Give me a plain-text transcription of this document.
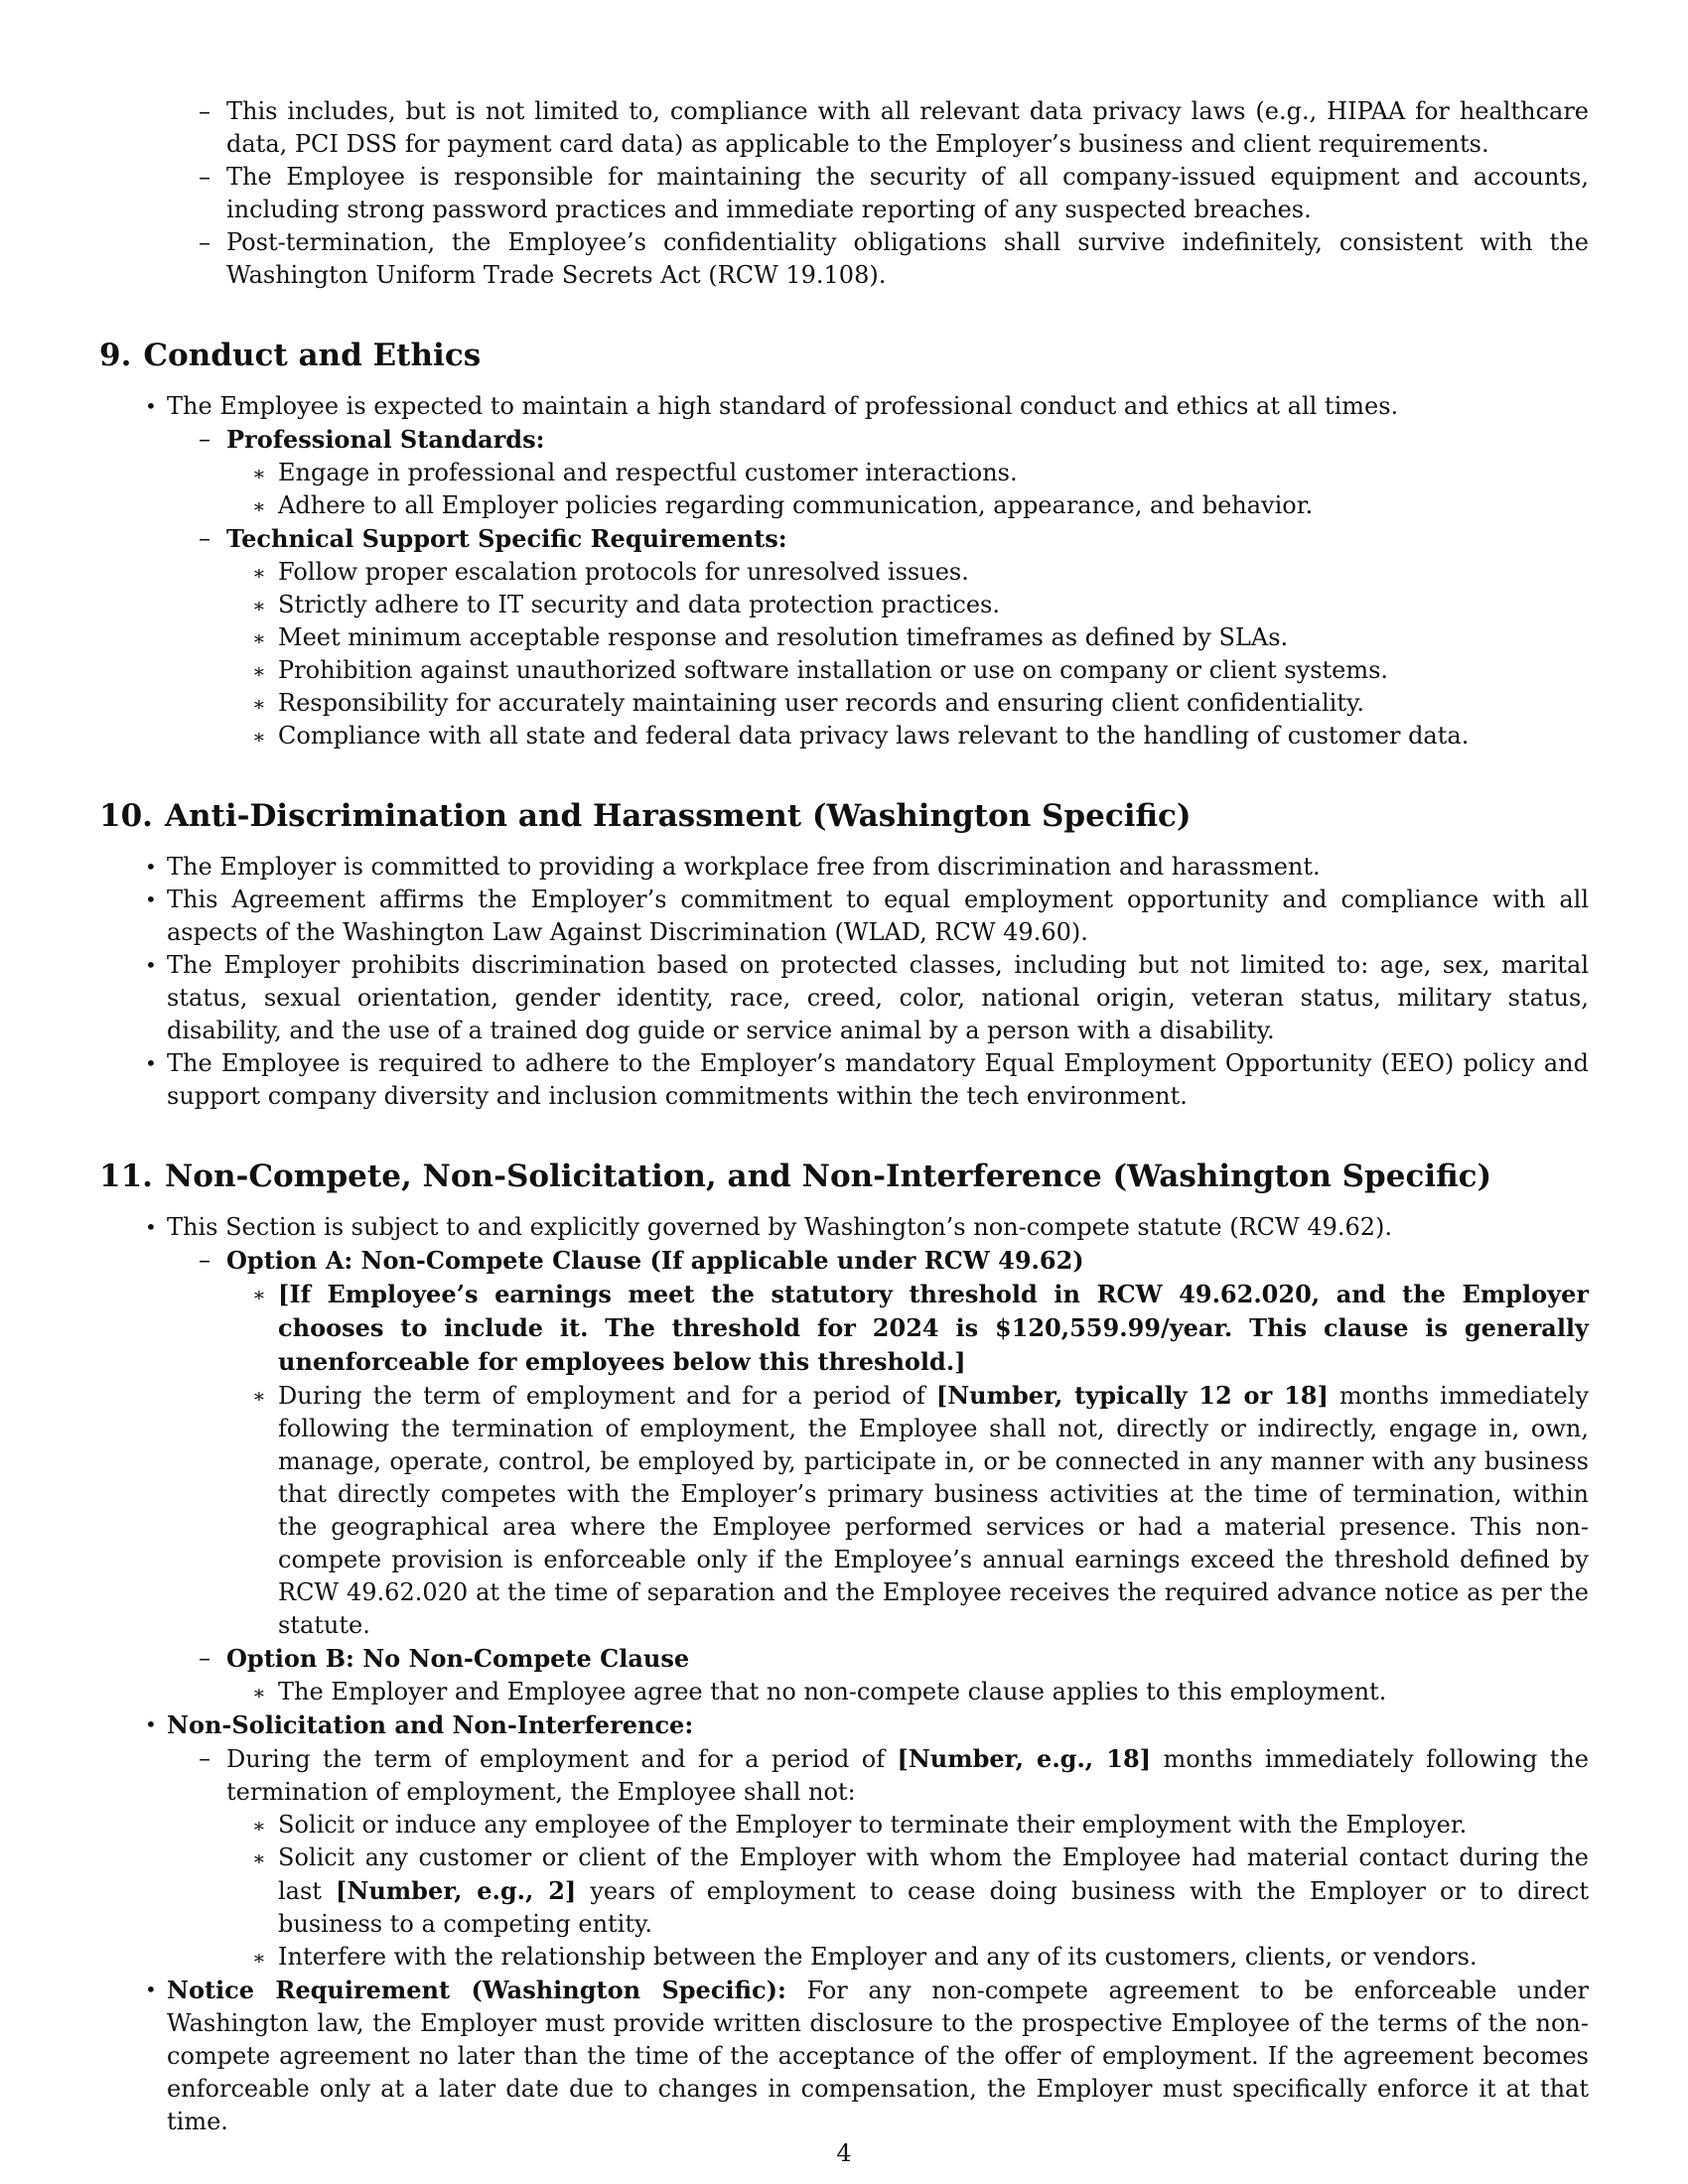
– This includes, but is not limited to, compliance with all relevant data privacy laws (e.g., HIPAA for healthcare data, PCI DSS for payment card data) as applicable to the Employer’s business and client requirements.
– The Employee is responsible for maintaining the security of all company-issued equipment and accounts, including strong password practices and immediate reporting of any suspected breaches.
– Post-termination, the Employee’s confidentiality obligations shall survive indefinitely, consistent with the Washington Uniform Trade Secrets Act (RCW 19.108).
9. Conduct and Ethics
• The Employee is expected to maintain a high standard of professional conduct and ethics at all times.
– Professional Standards:
∗ Engage in professional and respectful customer interactions.
∗ Adhere to all Employer policies regarding communication, appearance, and behavior.
– Technical Support Specific Requirements:
∗ Follow proper escalation protocols for unresolved issues.
∗ Strictly adhere to IT security and data protection practices.
∗ Meet minimum acceptable response and resolution timeframes as defined by SLAs.
∗ Prohibition against unauthorized software installation or use on company or client systems.
∗ Responsibility for accurately maintaining user records and ensuring client confidentiality.
∗ Compliance with all state and federal data privacy laws relevant to the handling of customer data.
10. Anti-Discrimination and Harassment (Washington Specific)
• The Employer is committed to providing a workplace free from discrimination and harassment.
• This Agreement affirms the Employer’s commitment to equal employment opportunity and compliance with all aspects of the Washington Law Against Discrimination (WLAD, RCW 49.60).
• The Employer prohibits discrimination based on protected classes, including but not limited to: age, sex, marital status, sexual orientation, gender identity, race, creed, color, national origin, veteran status, military status, disability, and the use of a trained dog guide or service animal by a person with a disability.
• The Employee is required to adhere to the Employer’s mandatory Equal Employment Opportunity (EEO) policy and support company diversity and inclusion commitments within the tech environment.
11. Non-Compete, Non-Solicitation, and Non-Interference (Washington Specific)
• This Section is subject to and explicitly governed by Washington’s non-compete statute (RCW 49.62).
– Option A: Non-Compete Clause (If applicable under RCW 49.62)
∗ [If Employee’s earnings meet the statutory threshold in RCW 49.62.020, and the Employer chooses to include it. The threshold for 2024 is $120,559.99/year. This clause is generally unenforceable for employees below this threshold.]
∗ During the term of employment and for a period of [Number, typically 12 or 18] months immediately following the termination of employment, the Employee shall not, directly or indirectly, engage in, own, manage, operate, control, be employed by, participate in, or be connected in any manner with any business that directly competes with the Employer’s primary business activities at the time of termination, within the geographical area where the Employee performed services or had a material presence. This non-compete provision is enforceable only if the Employee’s annual earnings exceed the threshold defined by RCW 49.62.020 at the time of separation and the Employee receives the required advance notice as per the statute.
– Option B: No Non-Compete Clause
∗ The Employer and Employee agree that no non-compete clause applies to this employment.
• Non-Solicitation and Non-Interference:
– During the term of employment and for a period of [Number, e.g., 18] months immediately following the termination of employment, the Employee shall not:
∗ Solicit or induce any employee of the Employer to terminate their employment with the Employer.
∗ Solicit any customer or client of the Employer with whom the Employee had material contact during the last [Number, e.g., 2] years of employment to cease doing business with the Employer or to direct business to a competing entity.
∗ Interfere with the relationship between the Employer and any of its customers, clients, or vendors.
• Notice Requirement (Washington Specific): For any non-compete agreement to be enforceable under Washington law, the Employer must provide written disclosure to the prospective Employee of the terms of the non-compete agreement no later than the time of the acceptance of the offer of employment. If the agreement becomes enforceable only at a later date due to changes in compensation, the Employer must specifically enforce it at that time.
4
